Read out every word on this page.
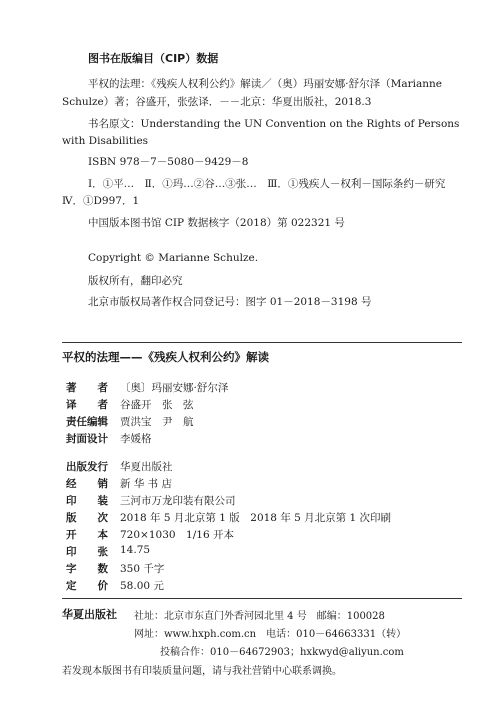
图书在版编目（CIP）数据
平权的法理：《残疾人权利公约》解读／（奥）玛丽安娜·舒尔泽（Marianne
Schulze）著；谷盛开，张弦译．－－北京：华夏出版社，2018.3
书名原文：Understanding the UN Convention on the Rights of Persons
with Disabilities
ISBN 978－7－5080－9429－8
Ⅰ．①平…　Ⅱ．①玛…②谷…③张…　Ⅲ．①残疾人－权利－国际条约－研究
Ⅳ．①D997．1
中国版本图书馆 CIP 数据核字（2018）第 022321 号
Copyright © Marianne Schulze.
版权所有，翻印必究
北京市版权局著作权合同登记号：图字 01－2018－3198 号
平权的法理——《残疾人权利公约》解读
著　　者 〔奥〕玛丽安娜·舒尔泽
译　　者 谷盛开　张　弦
责任编辑 贾洪宝　尹　航
封面设计 李媛格
出版发行 华夏出版社
经　　销 新 华 书 店
印　　装 三河市万龙印装有限公司
版　　次 2018 年 5 月北京第 1 版　2018 年 5 月北京第 1 次印刷
开　　本 720×1030　1/16 开本
印　　张 14.75
字　　数 350 千字
定　　价 58.00 元
华夏出版社 社址：北京市东直门外香河园北里 4 号　邮编：100028
网址：www.hxph.com.cn　电话：010－64663331（转）
投稿合作：010－64672903；hxkwyd@aliyun.com
若发现本版图书有印装质量问题，请与我社营销中心联系调换。
